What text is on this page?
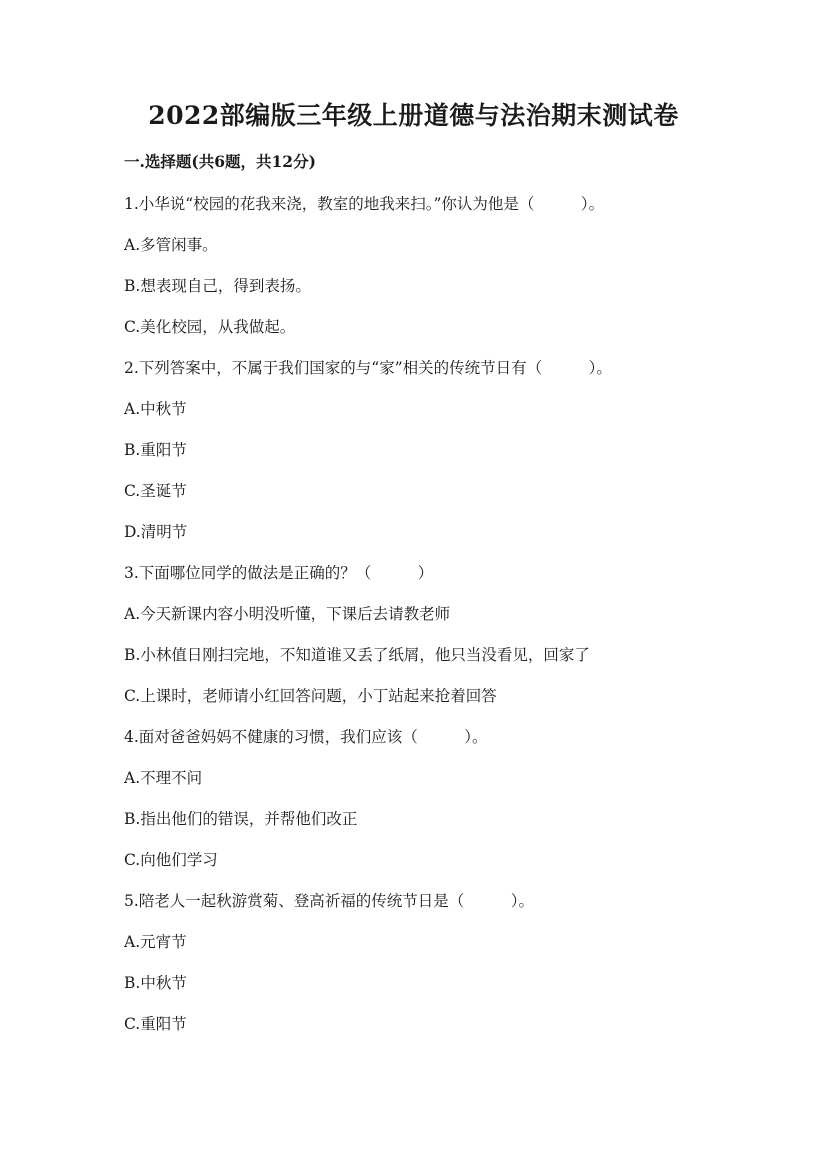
2022部编版三年级上册道德与法治期末测试卷
一.选择题(共6题，共12分)
1.小华说“校园的花我来浇，教室的地我来扫。”你认为他是（　　　）。
A.多管闲事。
B.想表现自己，得到表扬。
C.美化校园，从我做起。
2.下列答案中，不属于我们国家的与“家”相关的传统节日有（　　　）。
A.中秋节
B.重阳节
C.圣诞节
D.清明节
3.下面哪位同学的做法是正确的？（　　　）
A.今天新课内容小明没听懂，下课后去请教老师
B.小林值日刚扫完地，不知道谁又丢了纸屑，他只当没看见，回家了
C.上课时，老师请小红回答问题，小丁站起来抢着回答
4.面对爸爸妈妈不健康的习惯，我们应该（　　　）。
A.不理不问
B.指出他们的错误，并帮他们改正
C.向他们学习
5.陪老人一起秋游赏菊、登高祈福的传统节日是（　　　）。
A.元宵节
B.中秋节
C.重阳节
